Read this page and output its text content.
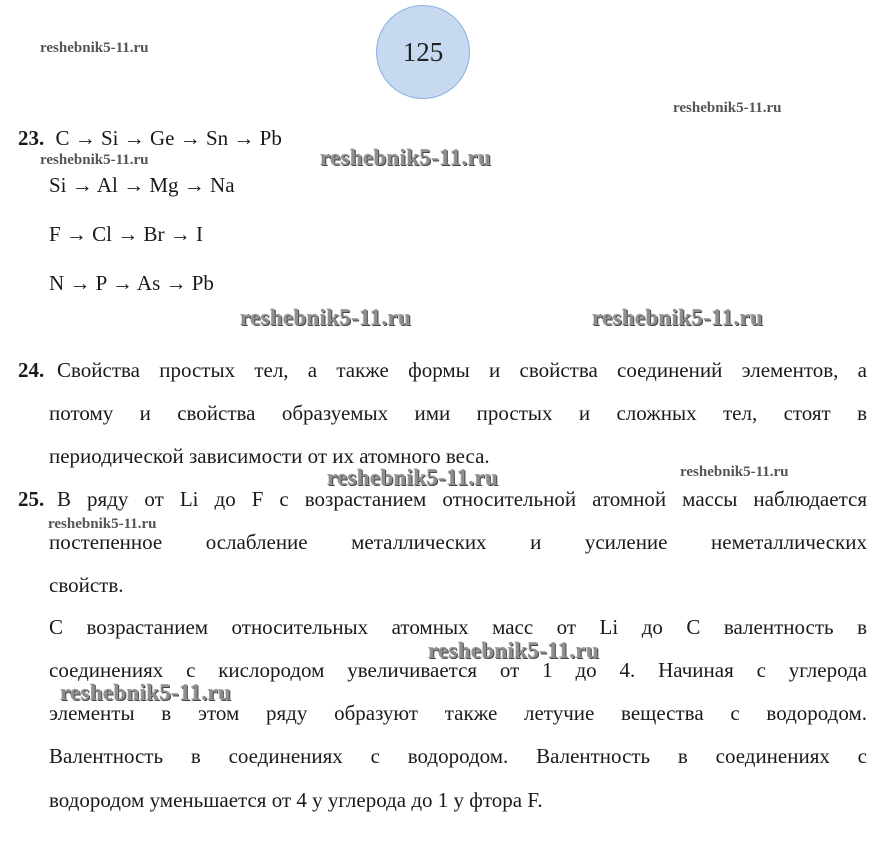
125
23. C → Si → Ge → Sn → Pb
Si → Al → Mg → Na
F → Cl → Br → I
N → P → As → Pb
24. Свойства простых тел, а также формы и свойства соединений элементов, а
потому и свойства образуемых ими простых и сложных тел, стоят в
периодической зависимости от их атомного веса.
25. В ряду от Li до F с возрастанием относительной атомной массы наблюдается
постепенное ослабление металлических и усиление неметаллических
свойств.
С возрастанием относительных атомных масс от Li до C валентность в
соединениях с кислородом увеличивается от 1 до 4. Начиная с углерода
элементы в этом ряду образуют также летучие вещества с водородом.
Валентность в соединениях с водородом. Валентность в соединениях с
водородом уменьшается от 4 у углерода до 1 у фтора F.
reshebnik5-11.ru
reshebnik5-11.ru
reshebnik5-11.ru
reshebnik5-11.ru
reshebnik5-11.ru
reshebnik5-11.ru
reshebnik5-11.ru	reshebnik5-11.ru
reshebnik5-11.ru
reshebnik5-11.ru
reshebnik5-11.ru
